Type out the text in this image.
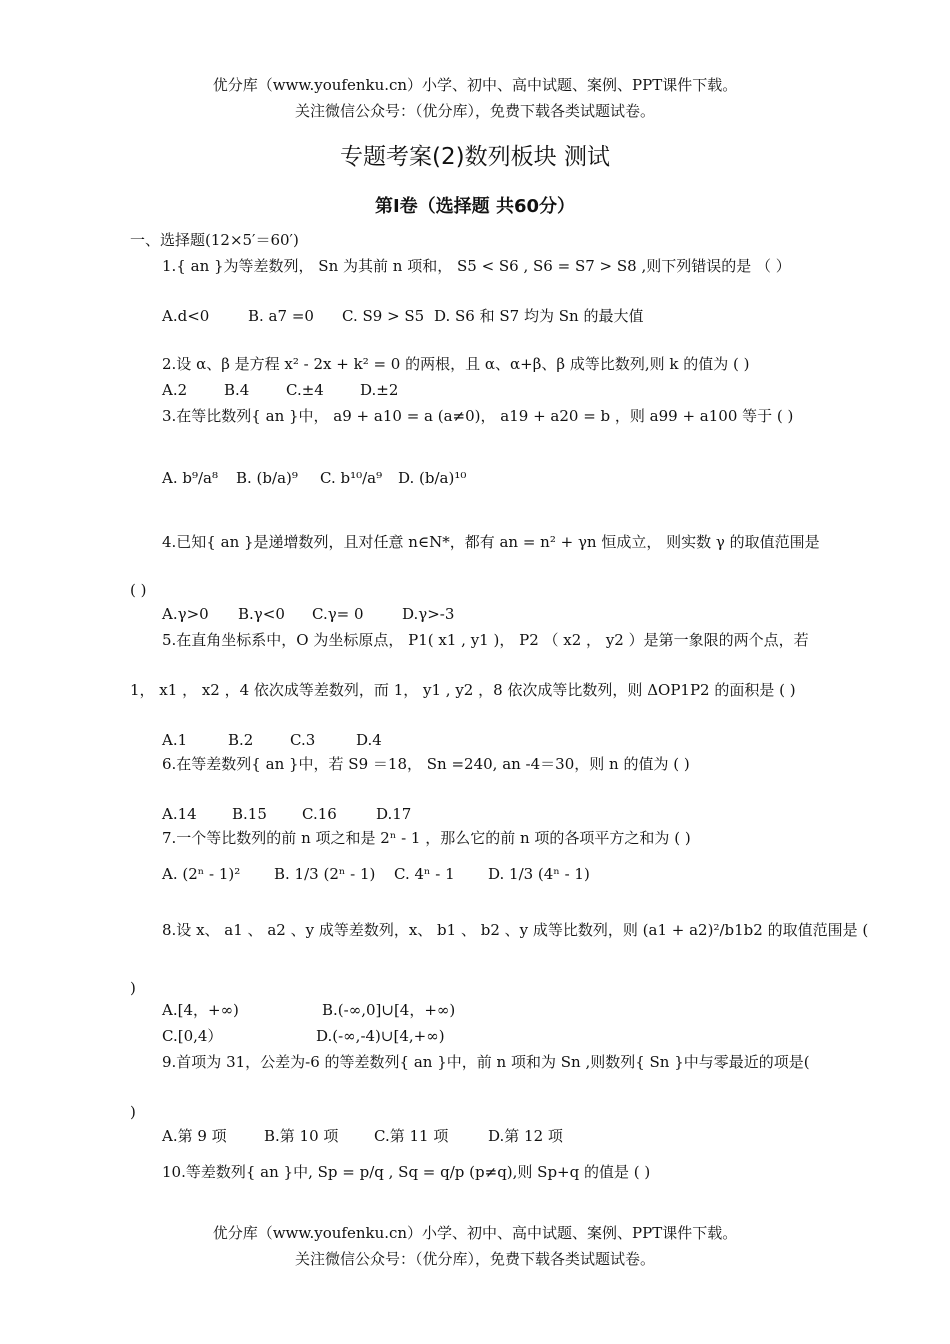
优分库（www.youfenku.cn）小学、初中、高中试题、案例、PPT课件下载。
关注微信公众号：（优分库），免费下载各类试题试卷。
专题考案(2)数列板块 测试
第Ⅰ卷（选择题 共60分）
一、选择题(12×5′＝60′)
1.{ an }为等差数列， Sn 为其前 n 项和， S5 < S6 , S6 = S7 > S8 ,则下列错误的是 （ ）
A.d<0	B. a7 =0 C. S9 > S5 D. S6 和 S7 均为 Sn 的最大值
2.设 α、β 是方程 x² - 2x + k² = 0 的两根，且 α、α+β、β 成等比数列,则 k 的值为 ( )
A.2 B.4 C.±4 D.±2
3.在等比数列{ an }中， a9 + a10 = a (a≠0)， a19 + a20 = b ，则 a99 + a100 等于 ( )
A. b⁹/a⁸ B. (b/a)⁹ C. b¹⁰/a⁹ D. (b/a)¹⁰
4.已知{ an }是递增数列，且对任意 n∈N*，都有 an = n² + γn 恒成立， 则实数 γ 的取值范围是
( )
A.γ>0 B.γ<0 C.γ= 0	D.γ>-3
5.在直角坐标系中，O 为坐标原点， P1( x1 , y1 )， P2 （ x2 ， y2 ）是第一象限的两个点，若
1， x1 ， x2 ，4 依次成等差数列，而 1， y1 , y2 ，8 依次成等比数列，则 ΔOP1P2 的面积是 ( )
A.1	B.2 C.3	D.4
6.在等差数列{ an }中，若 S9 ＝18， Sn =240, an -4＝30，则 n 的值为 ( )
A.14 B.15 C.16	D.17
7.一个等比数列的前 n 项之和是 2ⁿ - 1 ，那么它的前 n 项的各项平方之和为 ( )
A. (2ⁿ - 1)² B. 1/3 (2ⁿ - 1) C. 4ⁿ - 1 D. 1/3 (4ⁿ - 1)
8.设 x、 a1 、 a2 、y 成等差数列，x、 b1 、 b2 、y 成等比数列，则 (a1 + a2)²/b1b2 的取值范围是 (
)
A.[4，+∞)	B.(-∞,0]∪[4，+∞)
C.[0,4）	D.(-∞,-4)∪[4,+∞)
9.首项为 31，公差为-6 的等差数列{ an }中，前 n 项和为 Sn ,则数列{ Sn }中与零最近的项是(
)
A.第 9 项 B.第 10 项 C.第 11 项	D.第 12 项
10.等差数列{ an }中, Sp = p/q , Sq = q/p (p≠q),则 Sp+q 的值是 ( )
优分库（www.youfenku.cn）小学、初中、高中试题、案例、PPT课件下载。
关注微信公众号：（优分库），免费下载各类试题试卷。
